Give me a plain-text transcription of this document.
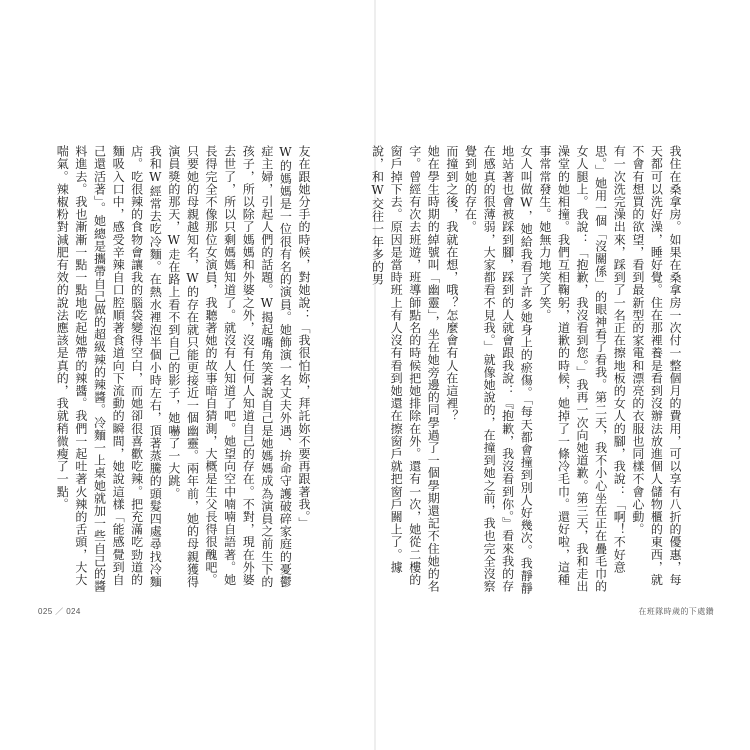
友在跟她分手的時候，對她說：「我很怕妳，拜託妳不要再跟著我。」
W的媽媽是一位很有名的演員。她飾演一名丈夫外遇、拚命守護破碎家庭的憂鬱症主婦，引起人們的話題。W揭起嘴角笑著說自己是她媽媽成為演員之前生下的孩子，所以除了媽媽和外婆之外，沒有任何人知道自己的存在。不對，現在外婆去世了，所以只剩媽媽知道了。就沒有人知道了吧。她望向空中喃喃自語著。她長得完全不像那位女演員，我聽著她的故事暗自猜測，大概是生父長得很醜吧。只要她的母親越知名，W的存在就只能更接近一個幽靈。兩年前，她的母親獲得演員獎的那天，W走在路上看不到自己的影子，她嚇了一大跳。
我和W經常去吃冷麵。在熱水裡泡半個小時左右，頂著蒸騰的頭髮四處尋找冷麵店。吃很辣的食物會讓我的腦袋變得空白，而她卻很喜歡吃辣。把充滿吃勁道的麵吸入口中，感受辛辣自口腔順著食道向下流動的瞬間，她說這樣「能感覺到自己還活著」。她總是攜帶自己做的超級辣的辣醬。冷麵一上桌她就加一些自己的醬料進去。我也漸漸一點一點地吃起她帶的辣醬。我們一起吐著火辣的舌頭，大大喘氣。辣椒粉對減肥有效的說法應該是真的，我就稍微瘦了一點。
025 ／ 024
我住在桑拿房。如果在桑拿房一次付一整個月的費用，可以享有八折的優惠，每天都可以洗好澡，睡好覺。住在那裡養是看到沒辦法放進個人儲物櫃的東西，就不會有想買的欲望，看到最新型的家電和漂亮的衣服也同樣不會心動。
有一次洗完澡出來，踩到了一名正在擦地板的女人的腳，我說：「啊！不好意思。」她用一個「沒關係」的眼神看了看我。第二天，我不小心坐在正在疊毛巾的女人腿上。我說：「抱歉，我沒看到您。」我再一次向她道歉。第三天，我和走出澡堂的她相撞。我們互相鞠躬，道歉的時候，她掉了一條冷毛巾。還好啦，這種事常常發生。她無力地笑了笑。
女人叫做W，她給我看了許多她身上的瘀傷。「每天都會撞到別人好幾次。我靜靜地站著也會被踩到腳，踩到的人就會跟我說：『抱歉，我沒看到你。』看來我的存在感真的很薄弱，大家都看不見我。」就像她說的，在撞到她之前，我也完全沒察覺到她的存在。
而撞到之後，我就在想，哦？怎麼會有人在這裡？
她在學生時期的綽號叫「幽靈」，坐在她旁邊的同學過了一個學期還記不住她的名字。曾經有次去班遊，班導師點名的時候把她排除在外。還有一次，她從二樓的窗戶掉下去。原因是當時班上有人沒有看到她還在擦窗戶就把窗戶關上了。據說，和W交往一年多的男
在班隊時歲的下處鑽
